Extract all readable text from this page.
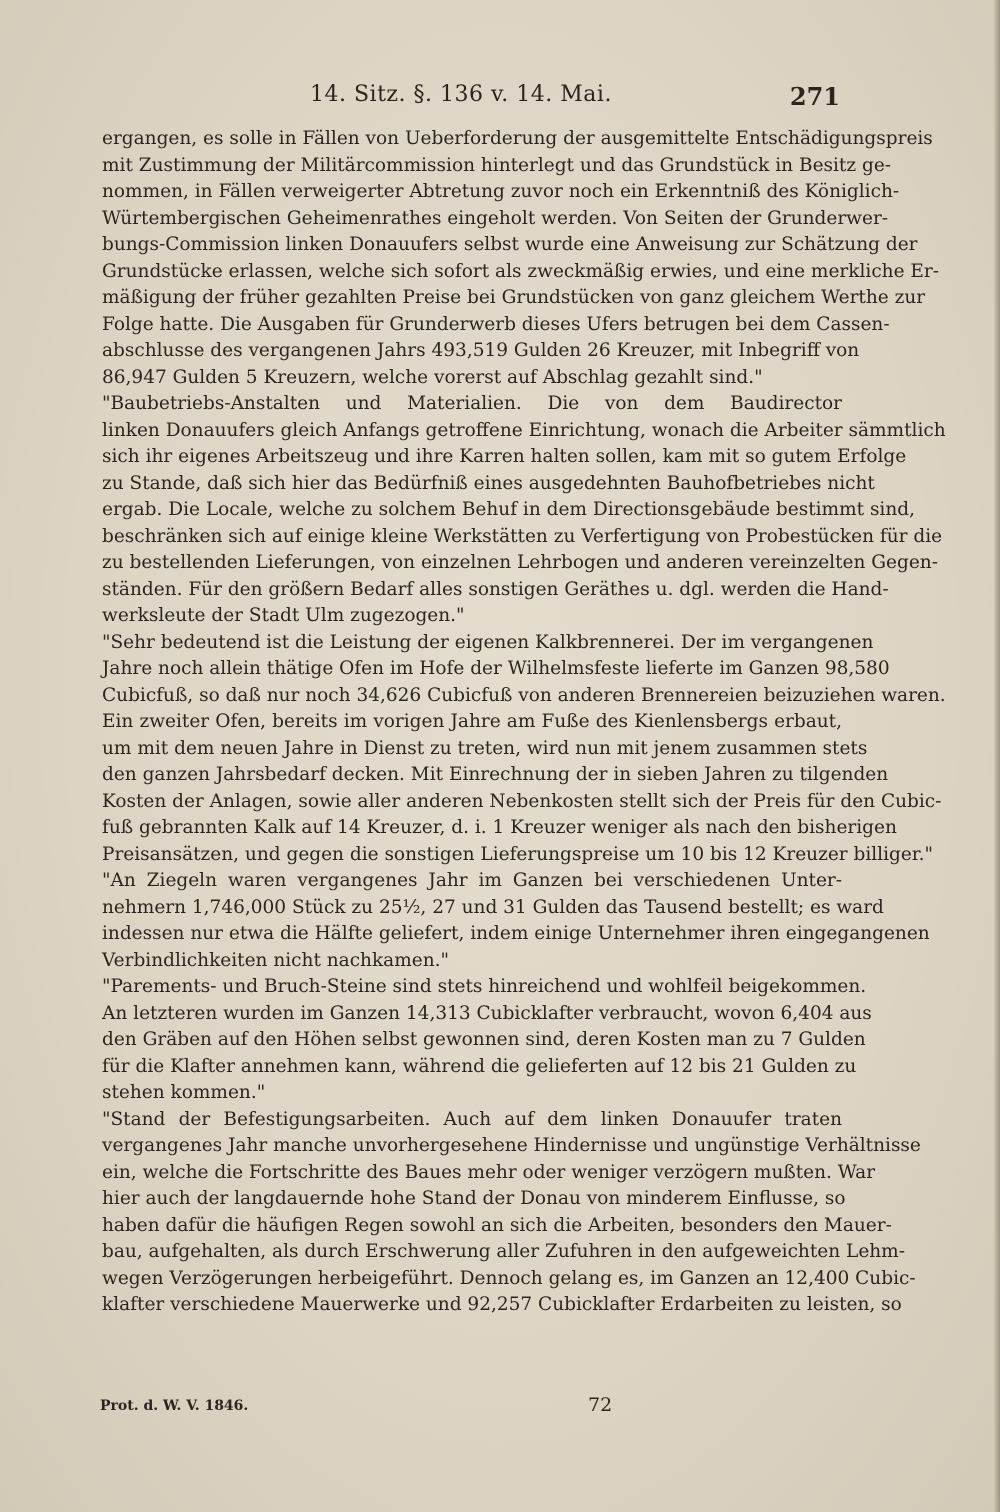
14. Sitz. §. 136 v. 14. Mai.	271
ergangen, es solle in Fällen von Ueberforderung der ausgemittelte Entschädigungspreis
mit Zustimmung der Militärcommission hinterlegt und das Grundstück in Besitz ge-
nommen, in Fällen verweigerter Abtretung zuvor noch ein Erkenntniß des Königlich-
Würtembergischen Geheimenrathes eingeholt werden. Von Seiten der Grunderwer-
bungs-Commission linken Donauufers selbst wurde eine Anweisung zur Schätzung der
Grundstücke erlassen, welche sich sofort als zweckmäßig erwies, und eine merkliche Er-
mäßigung der früher gezahlten Preise bei Grundstücken von ganz gleichem Werthe zur
Folge hatte. Die Ausgaben für Grunderwerb dieses Ufers betrugen bei dem Cassen-
abschlusse des vergangenen Jahrs 493,519 Gulden 26 Kreuzer, mit Inbegriff von
86,947 Gulden 5 Kreuzern, welche vorerst auf Abschlag gezahlt sind."
"Baubetriebs-Anstalten und Materialien. Die von dem Baudirector
linken Donauufers gleich Anfangs getroffene Einrichtung, wonach die Arbeiter sämmtlich
sich ihr eigenes Arbeitszeug und ihre Karren halten sollen, kam mit so gutem Erfolge
zu Stande, daß sich hier das Bedürfniß eines ausgedehnten Bauhofbetriebes nicht
ergab. Die Locale, welche zu solchem Behuf in dem Directionsgebäude bestimmt sind,
beschränken sich auf einige kleine Werkstätten zu Verfertigung von Probestücken für die
zu bestellenden Lieferungen, von einzelnen Lehrbogen und anderen vereinzelten Gegen-
ständen. Für den größern Bedarf alles sonstigen Geräthes u. dgl. werden die Hand-
werksleute der Stadt Ulm zugezogen."
"Sehr bedeutend ist die Leistung der eigenen Kalkbrennerei. Der im vergangenen
Jahre noch allein thätige Ofen im Hofe der Wilhelmsfeste lieferte im Ganzen 98,580
Cubicfuß, so daß nur noch 34,626 Cubicfuß von anderen Brennereien beizuziehen waren.
Ein zweiter Ofen, bereits im vorigen Jahre am Fuße des Kienlensbergs erbaut,
um mit dem neuen Jahre in Dienst zu treten, wird nun mit jenem zusammen stets
den ganzen Jahrsbedarf decken. Mit Einrechnung der in sieben Jahren zu tilgenden
Kosten der Anlagen, sowie aller anderen Nebenkosten stellt sich der Preis für den Cubic-
fuß gebrannten Kalk auf 14 Kreuzer, d. i. 1 Kreuzer weniger als nach den bisherigen
Preisansätzen, und gegen die sonstigen Lieferungspreise um 10 bis 12 Kreuzer billiger."
"An Ziegeln waren vergangenes Jahr im Ganzen bei verschiedenen Unter-
nehmern 1,746,000 Stück zu 25½, 27 und 31 Gulden das Tausend bestellt; es ward
indessen nur etwa die Hälfte geliefert, indem einige Unternehmer ihren eingegangenen
Verbindlichkeiten nicht nachkamen."
"Parements- und Bruch-Steine sind stets hinreichend und wohlfeil beigekommen.
An letzteren wurden im Ganzen 14,313 Cubicklafter verbraucht, wovon 6,404 aus
den Gräben auf den Höhen selbst gewonnen sind, deren Kosten man zu 7 Gulden
für die Klafter annehmen kann, während die gelieferten auf 12 bis 21 Gulden zu
stehen kommen."
"Stand der Befestigungsarbeiten. Auch auf dem linken Donauufer traten
vergangenes Jahr manche unvorhergesehene Hindernisse und ungünstige Verhältnisse
ein, welche die Fortschritte des Baues mehr oder weniger verzögern mußten. War
hier auch der langdauernde hohe Stand der Donau von minderem Einflusse, so
haben dafür die häufigen Regen sowohl an sich die Arbeiten, besonders den Mauer-
bau, aufgehalten, als durch Erschwerung aller Zufuhren in den aufgeweichten Lehm-
wegen Verzögerungen herbeigeführt. Dennoch gelang es, im Ganzen an 12,400 Cubic-
klafter verschiedene Mauerwerke und 92,257 Cubicklafter Erdarbeiten zu leisten, so
Prot. d. W. V. 1846.	72
